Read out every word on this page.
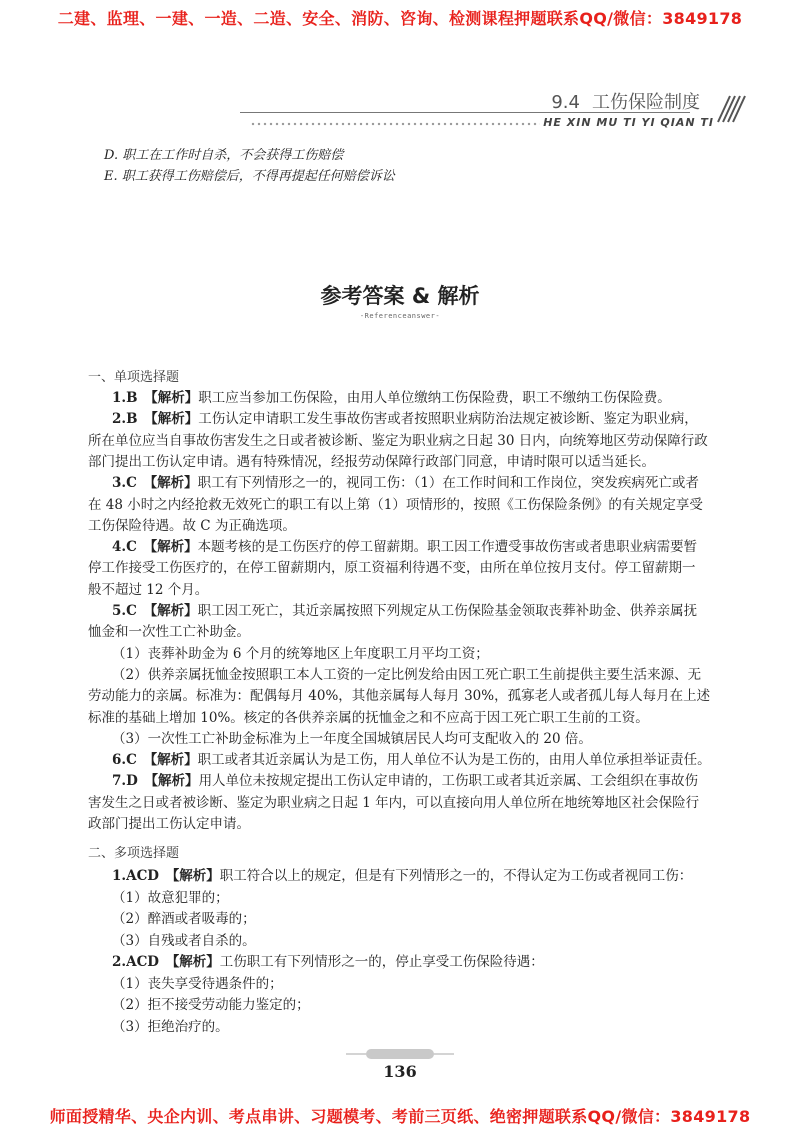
二建、监理、一建、一造、二造、安全、消防、咨询、检测课程押题联系QQ/微信：3849178
9.4 工伤保险制度
HE XIN MU TI YI QIAN TI
D. 职工在工作时自杀，不会获得工伤赔偿
E. 职工获得工伤赔偿后，不得再提起任何赔偿诉讼
参考答案 & 解析
-Referenceanswer-
一、单项选择题
1.B　【解析】职工应当参加工伤保险，由用人单位缴纳工伤保险费，职工不缴纳工伤保险费。
2.B　【解析】工伤认定申请职工发生事故伤害或者按照职业病防治法规定被诊断、鉴定为职业病，
所在单位应当自事故伤害发生之日或者被诊断、鉴定为职业病之日起 30 日内，向统筹地区劳动保障行政
部门提出工伤认定申请。遇有特殊情况，经报劳动保障行政部门同意，申请时限可以适当延长。
3.C　【解析】职工有下列情形之一的，视同工伤：（1）在工作时间和工作岗位，突发疾病死亡或者
在 48 小时之内经抢救无效死亡的职工有以上第（1）项情形的，按照《工伤保险条例》的有关规定享受
工伤保险待遇。故 C 为正确选项。
4.C　【解析】本题考核的是工伤医疗的停工留薪期。职工因工作遭受事故伤害或者患职业病需要暂
停工作接受工伤医疗的，在停工留薪期内，原工资福利待遇不变，由所在单位按月支付。停工留薪期一
般不超过 12 个月。
5.C　【解析】职工因工死亡，其近亲属按照下列规定从工伤保险基金领取丧葬补助金、供养亲属抚
恤金和一次性工亡补助金。
（1）丧葬补助金为 6 个月的统筹地区上年度职工月平均工资；
（2）供养亲属抚恤金按照职工本人工资的一定比例发给由因工死亡职工生前提供主要生活来源、无
劳动能力的亲属。标准为：配偶每月 40%，其他亲属每人每月 30%，孤寡老人或者孤儿每人每月在上述
标准的基础上增加 10%。核定的各供养亲属的抚恤金之和不应高于因工死亡职工生前的工资。
（3）一次性工亡补助金标准为上一年度全国城镇居民人均可支配收入的 20 倍。
6.C　【解析】职工或者其近亲属认为是工伤，用人单位不认为是工伤的，由用人单位承担举证责任。
7.D　【解析】用人单位未按规定提出工伤认定申请的，工伤职工或者其近亲属、工会组织在事故伤
害发生之日或者被诊断、鉴定为职业病之日起 1 年内，可以直接向用人单位所在地统筹地区社会保险行
政部门提出工伤认定申请。
二、多项选择题
1.ACD　【解析】职工符合以上的规定，但是有下列情形之一的，不得认定为工伤或者视同工伤：
（1）故意犯罪的；
（2）醉酒或者吸毒的；
（3）自残或者自杀的。
2.ACD　【解析】工伤职工有下列情形之一的，停止享受工伤保险待遇：
（1）丧失享受待遇条件的；
（2）拒不接受劳动能力鉴定的；
（3）拒绝治疗的。
136
师面授精华、央企内训、考点串讲、习题模考、考前三页纸、绝密押题联系QQ/微信：3849178
